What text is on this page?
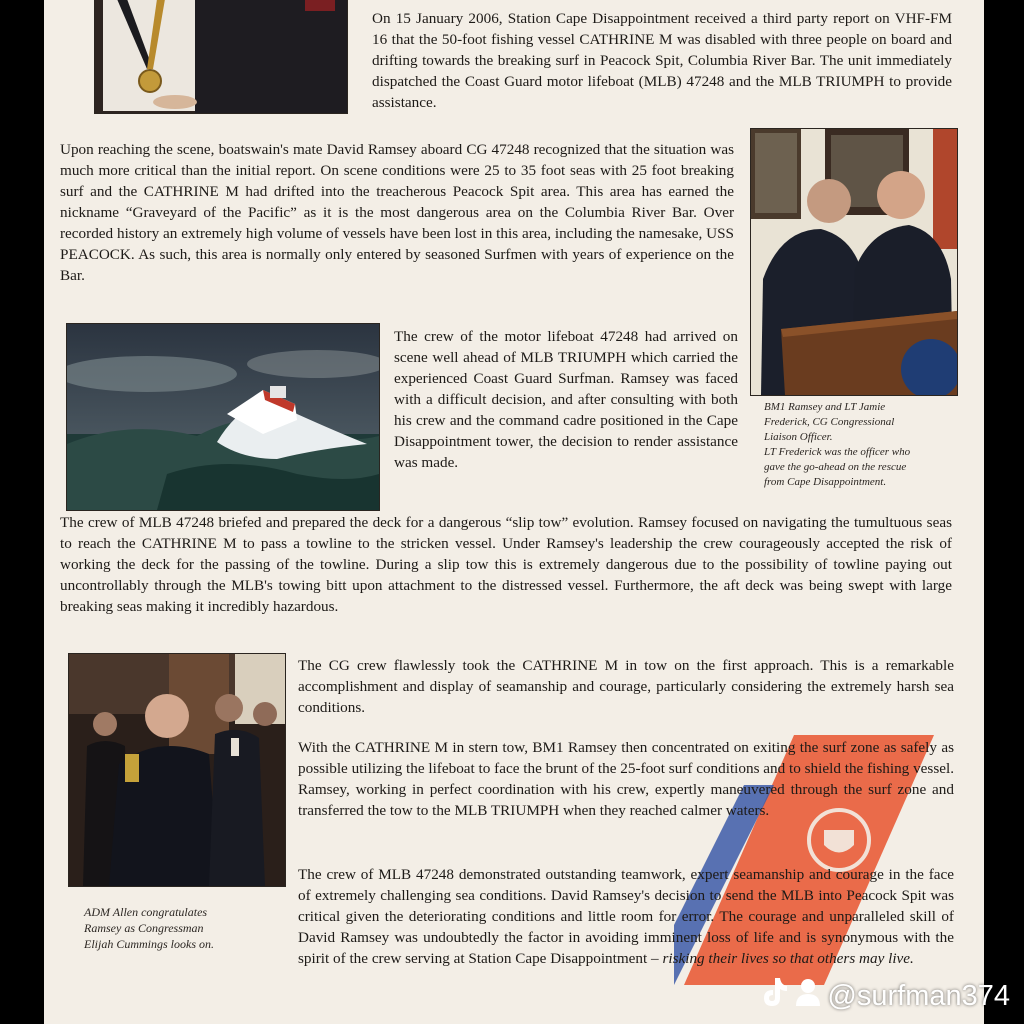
On 15 January 2006, Station Cape Disappointment received a third party report on VHF-FM 16 that the 50-foot fishing vessel CATHRINE M was disabled with three people on board and drifting towards the breaking surf in Peacock Spit, Columbia River Bar. The unit immediately dispatched the Coast Guard motor lifeboat (MLB) 47248 and the MLB TRIUMPH to provide assistance.

Upon reaching the scene, boatswain's mate David Ramsey aboard CG 47248 recognized that the situation was much more critical than the initial report. On scene conditions were 25 to 35 foot seas with 25 foot breaking surf and the CATHRINE M had drifted into the treacherous Peacock Spit area. This area has earned the nickname “Graveyard of the Pacific” as it is the most dangerous area on the Columbia River Bar. Over recorded history an extremely high volume of vessels have been lost in this area, including the namesake, USS PEACOCK. As such, this area is normally only entered by seasoned Surfmen with years of experience on the Bar.

BM1 Ramsey and LT Jamie
Frederick, CG Congressional
Liaison Officer.
LT Frederick was the officer who
gave the go-ahead on the rescue
from Cape Disappointment.

The crew of the motor lifeboat 47248 had arrived on scene well ahead of MLB TRIUMPH which carried the experienced Coast Guard Surfman. Ramsey was faced with a difficult decision, and after consulting with both his crew and the command cadre positioned in the Cape Disappointment tower, the decision to render assistance was made.

The crew of MLB 47248 briefed and prepared the deck for a dangerous “slip tow” evolution. Ramsey focused on navigating the tumultuous seas to reach the CATHRINE M to pass a towline to the stricken vessel. Under Ramsey's leadership the crew courageously accepted the risk of working the deck for the passing of the towline. During a slip tow this is extremely dangerous due to the possibility of towline paying out uncontrollably through the MLB's towing bitt upon attachment to the distressed vessel. Furthermore, the aft deck was being swept with large breaking seas making it incredibly hazardous.

ADM Allen congratulates
Ramsey as Congressman
Elijah Cummings looks on.

The CG crew flawlessly took the CATHRINE M in tow on the first approach. This is a remarkable accomplishment and display of seamanship and courage, particularly considering the extremely harsh sea conditions.

With the CATHRINE M in stern tow, BM1 Ramsey then concentrated on exiting the surf zone as safely as possible utilizing the lifeboat to face the brunt of the 25-foot surf conditions and to shield the fishing vessel. Ramsey, working in perfect coordination with his crew, expertly maneuvered through the surf zone and transferred the tow to the MLB TRIUMPH when they reached calmer waters.

The crew of MLB 47248 demonstrated outstanding teamwork, expert seamanship and courage in the face of extremely challenging sea conditions. David Ramsey's decision to send the MLB into Peacock Spit was critical given the deteriorating conditions and little room for error. The courage and unparalleled skill of David Ramsey was undoubtedly the factor in avoiding imminent loss of life and is synonymous with the spirit of the crew serving at Station Cape Disappointment – risking their lives so that others may live.

@surfman374
